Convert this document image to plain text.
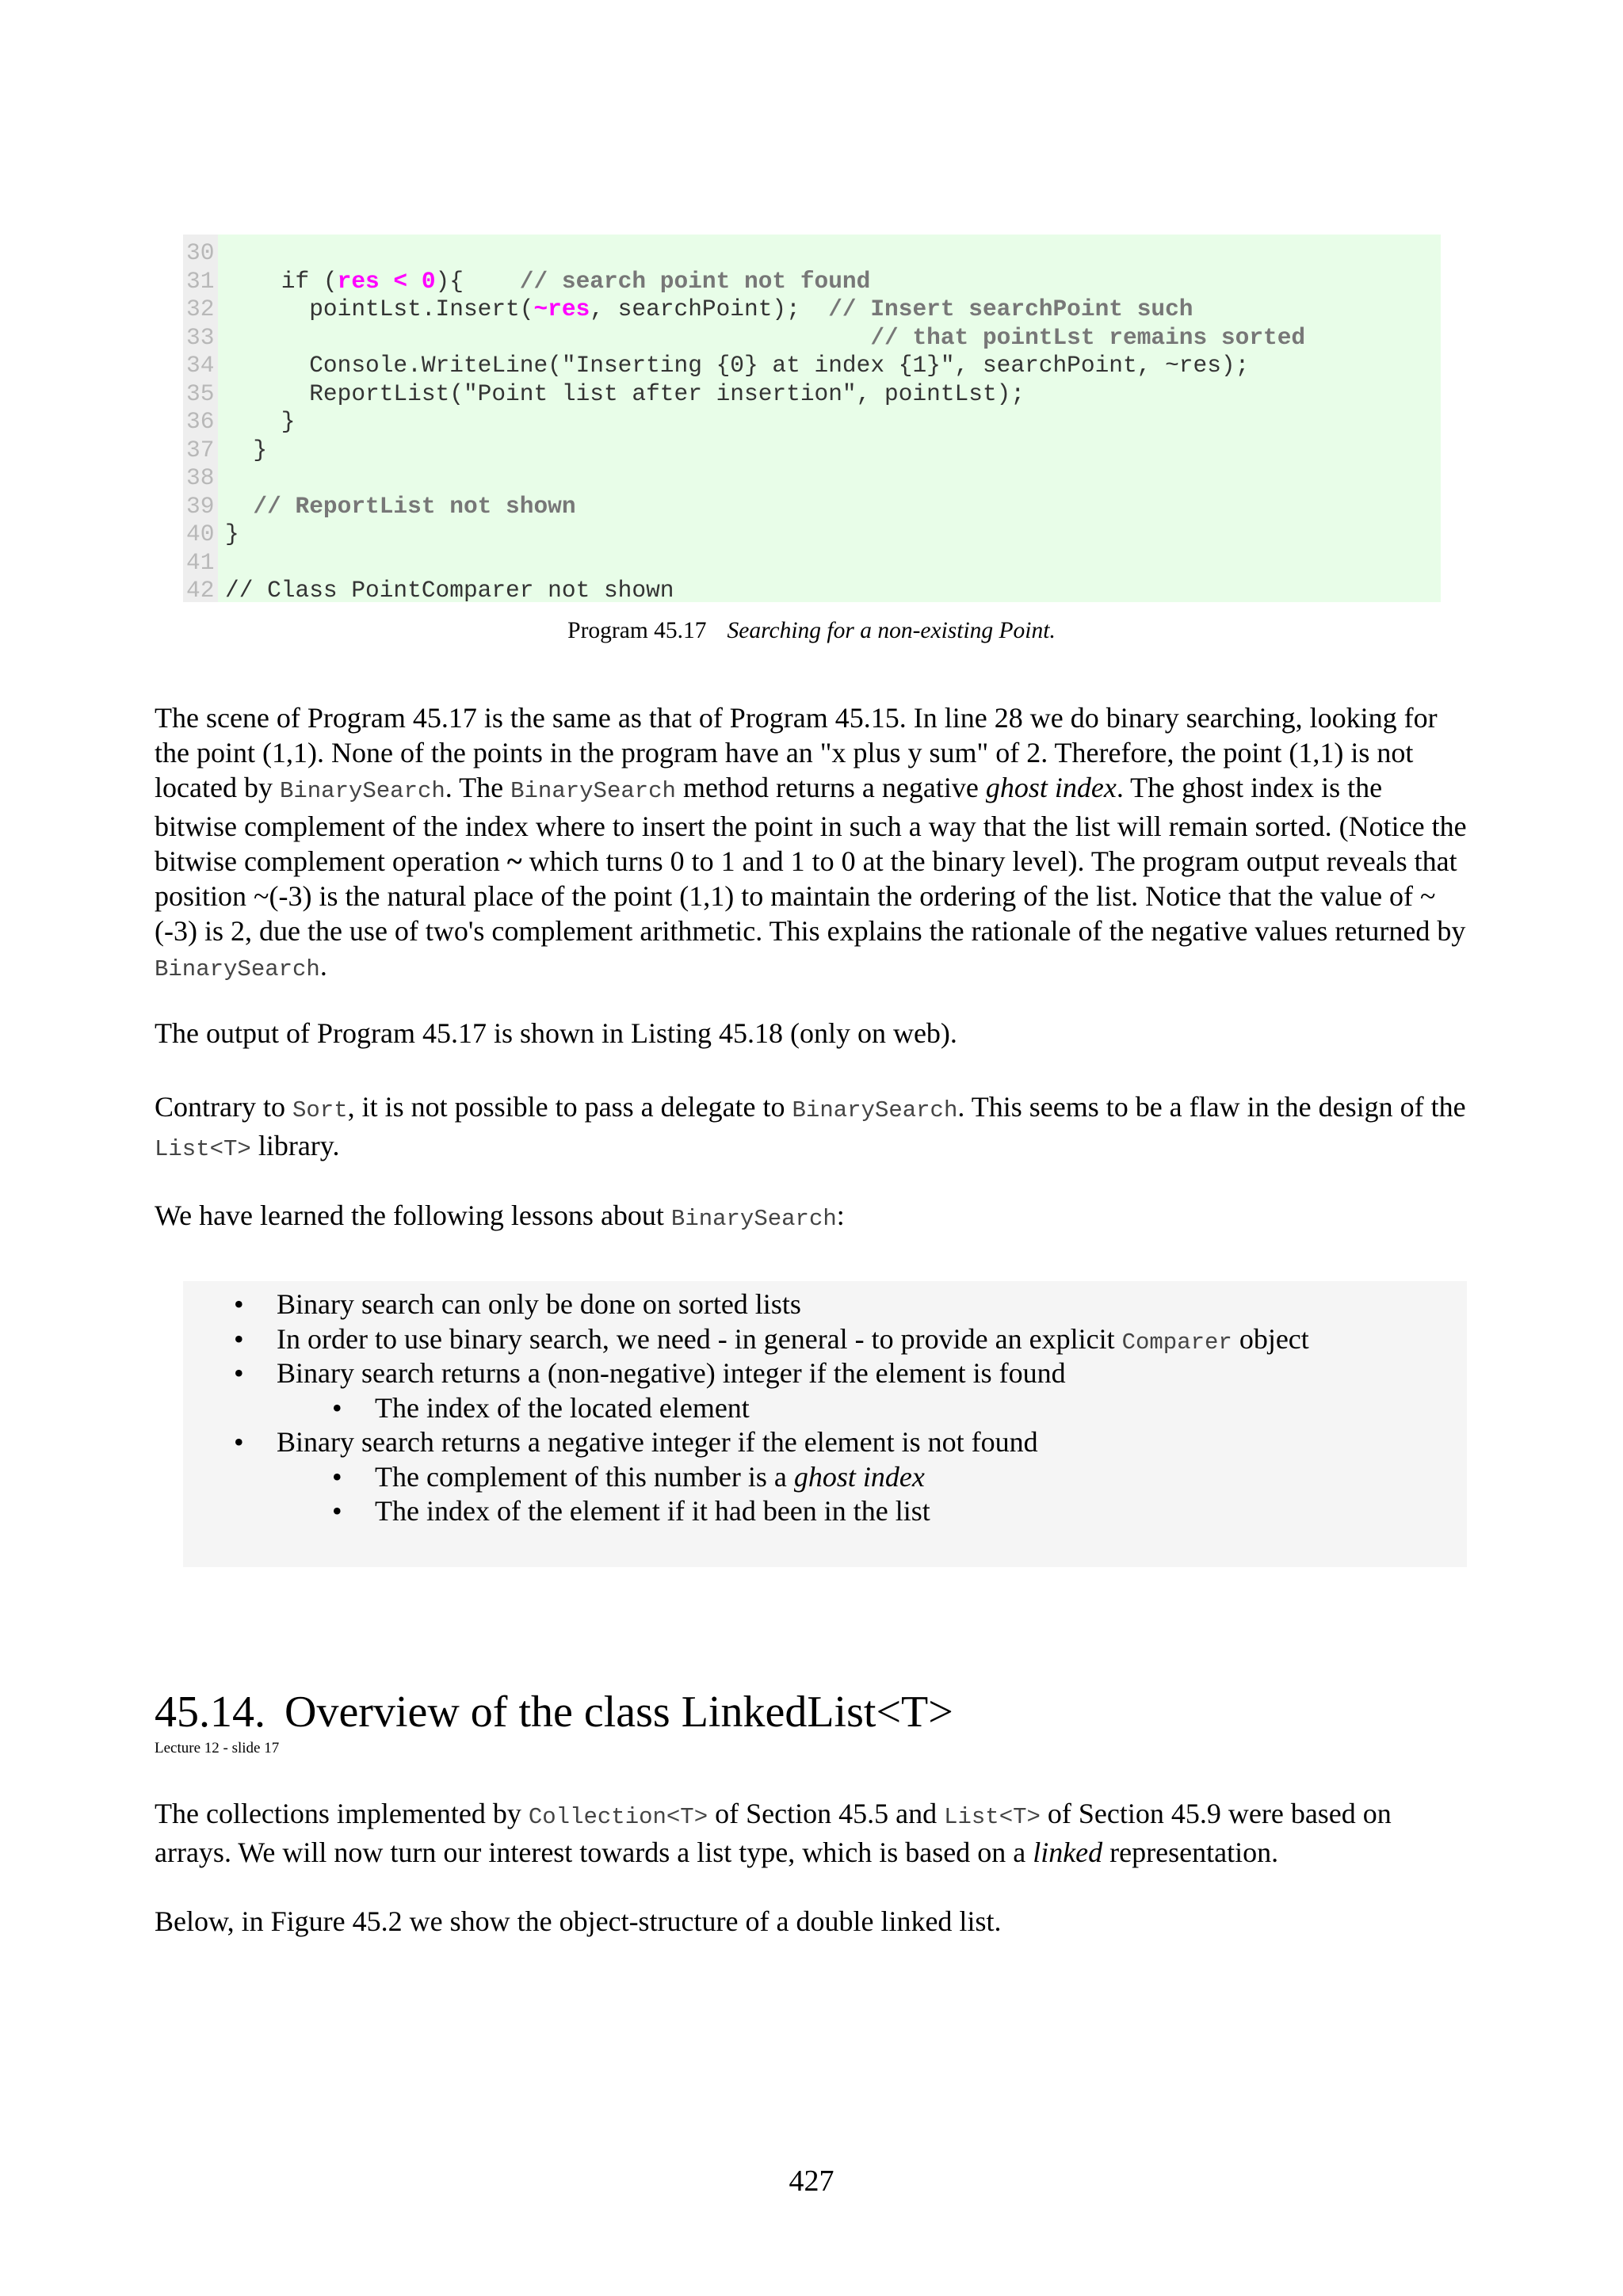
30
31 if (res < 0){    // search point not found
32 pointLst.Insert(~res, searchPoint);  // Insert searchPoint such
33	// that pointLst remains sorted
34 Console.WriteLine("Inserting {0} at index {1}", searchPoint, ~res);
35 ReportList("Point list after insertion", pointLst);
36 }
37 }
38
39	// ReportList not shown
40 }
41
42 // Class PointComparer not shown
Program 45.17 Searching for a non-existing Point.

The scene of Program 45.17 is the same as that of Program 45.15. In line 28 we do binary searching, looking for the point (1,1). None of the points in the program have an "x plus y sum" of 2. Therefore, the point (1,1) is not located by BinarySearch. The BinarySearch method returns a negative ghost index. The ghost index is the bitwise complement of the index where to insert the point in such a way that the list will remain sorted. (Notice the bitwise complement operation ~ which turns 0 to 1 and 1 to 0 at the binary level). The program output reveals that position ~(-3) is the natural place of the point (1,1) to maintain the ordering of the list. Notice that the value of ~(-3) is 2, due the use of two's complement arithmetic. This explains the rationale of the negative values returned by BinarySearch.

The output of Program 45.17 is shown in Listing 45.18 (only on web).

Contrary to Sort, it is not possible to pass a delegate to BinarySearch. This seems to be a flaw in the design of the List<T> library.

We have learned the following lessons about BinarySearch:

• Binary search can only be done on sorted lists
• In order to use binary search, we need - in general - to provide an explicit Comparer object
• Binary search returns a (non-negative) integer if the element is found
• The index of the located element
• Binary search returns a negative integer if the element is not found
• The complement of this number is a ghost index
• The index of the element if it had been in the list
45.14. Overview of the class LinkedList<T>
Lecture 12 - slide 17

The collections implemented by Collection<T> of Section 45.5 and List<T> of Section 45.9 were based on arrays. We will now turn our interest towards a list type, which is based on a linked representation.

Below, in Figure 45.2 we show the object-structure of a double linked list.

427
